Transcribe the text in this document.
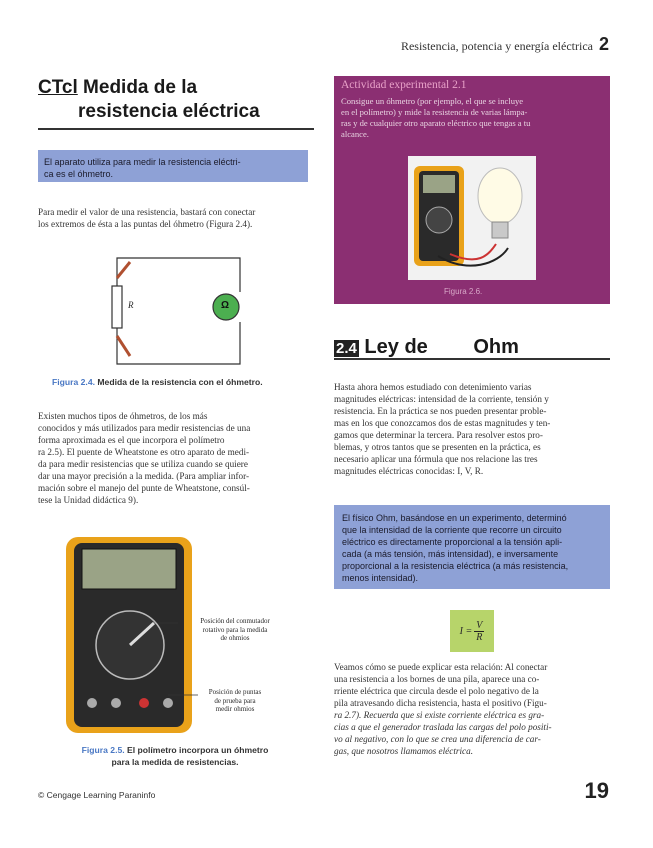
Resistencia, potencia y energía eléctrica 2
CTcl Medida de la
resistencia eléctrica
El aparato utiliza para medir la resistencia eléctri-
ca es el óhmetro.
Para medir el valor de una resistencia, bastará con conectar
los extremos de ésta a las puntas del óhmetro (Figura 2.4).
R	Ω
Figura 2.4. Medida de la resistencia con el óhmetro.
Existen muchos tipos de óhmetros, de los más
conocidos y más utilizados para medir resistencias de una
forma aproximada es el que incorpora el polímetro
ra 2.5). El puente de Wheatstone es otro aparato de medi-
da para medir resistencias que se utiliza cuando se quiere
dar una mayor precisión a la medida. (Para ampliar infor-
mación sobre el manejo del punte de Wheatstone, consúl-
tese la Unidad didáctica 9).
Posición del conmutador
rotativo para la medida
de ohmios
Posición de puntas
de prueba para
medir ohmios
Figura 2.5. El polímetro incorpora un óhmetro
para la medida de resistencias.
Actividad experimental 2.1
Consigue un óhmetro (por ejemplo, el que se incluye
en el polímetro) y mide la resistencia de varias lámpa-
ras y de cualquier otro aparato eléctrico que tengas a tu
alcance.
Figura 2.6.
2.4 Ley de Ohm
Hasta ahora hemos estudiado con detenimiento varias
magnitudes eléctricas: intensidad de la corriente, tensión y
resistencia. En la práctica se nos pueden presentar proble-
mas en los que conozcamos dos de estas magnitudes y ten-
gamos que determinar la tercera. Para resolver estos pro-
blemas, y otros tantos que se presenten en la práctica, es
necesario aplicar una fórmula que nos relacione las tres
magnitudes eléctricas conocidas: I, V, R.
El físico Ohm, basándose en un experimento, determinó
que la intensidad de la corriente que recorre un circuito
eléctrico es directamente proporcional a la tensión apli-
cada (a más tensión, más intensidad), e inversamente
proporcional a la resistencia eléctrica (a más resistencia,
menos intensidad).
$I = \frac{V}{R}$
Veamos cómo se puede explicar esta relación: Al conectar
una resistencia a los bornes de una pila, aparece una co-
rriente eléctrica que circula desde el polo negativo de la
pila atravesando dicha resistencia, hasta el positivo (Figu-
ra 2.7). Recuerda que si existe corriente eléctrica es gra-
cias a que el generador traslada las cargas del polo positi-
vo al negativo, con lo que se crea una diferencia de car-
gas, que nosotros llamamos eléctrica.
© Cengage Learning Paraninfo	19
